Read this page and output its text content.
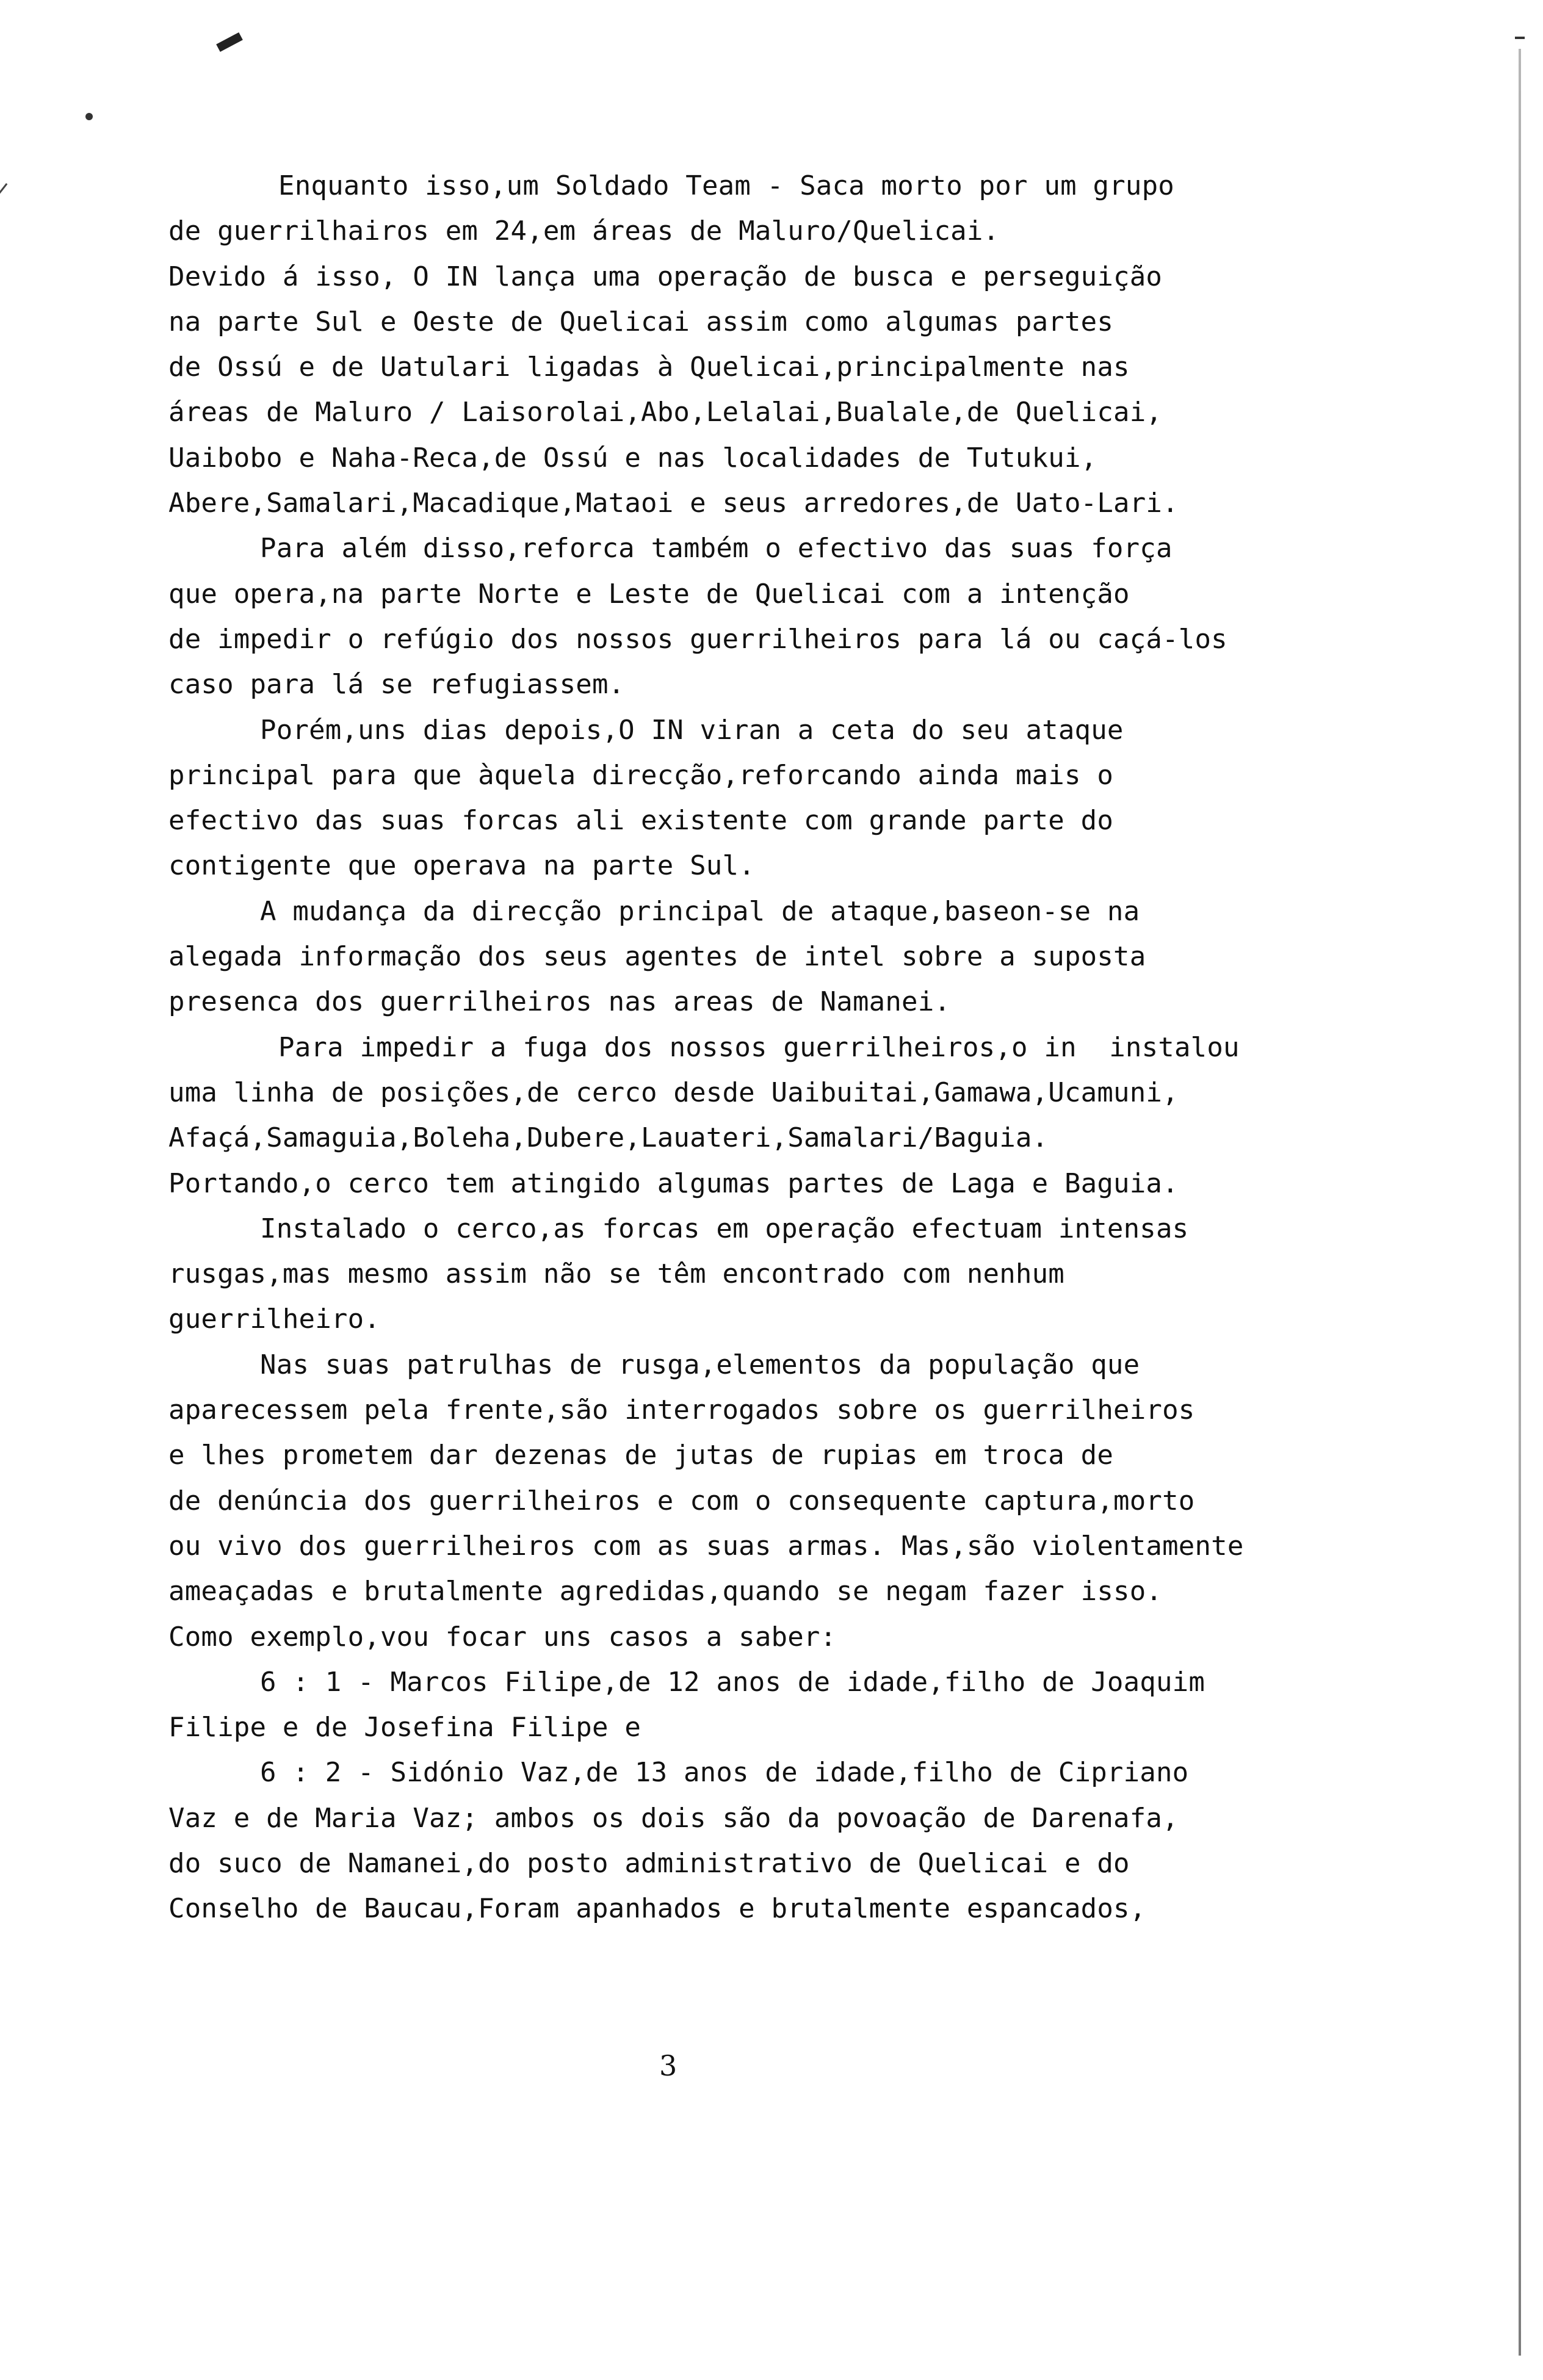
Enquanto isso,um Soldado Team - Saca morto por um grupo
de guerrilhairos em 24,em áreas de Maluro/Quelicai.
Devido á isso, O IN lança uma operação de busca e perseguição
na parte Sul e Oeste de Quelicai assim como algumas partes
de Ossú e de Uatulari ligadas à Quelicai,principalmente nas
áreas de Maluro / Laisorolai,Abo,Lelalai,Bualale,de Quelicai,
Uaibobo e Naha-Reca,de Ossú e nas localidades de Tutukui,
Abere,Samalari,Macadique,Mataoi e seus arredores,de Uato-Lari.
Para além disso,reforca também o efectivo das suas força
que opera,na parte Norte e Leste de Quelicai com a intenção
de impedir o refúgio dos nossos guerrilheiros para lá ou caçá-los
caso para lá se refugiassem.
Porém,uns dias depois,O IN viran a ceta do seu ataque
principal para que àquela direcção,reforcando ainda mais o
efectivo das suas forcas ali existente com grande parte do
contigente que operava na parte Sul.
A mudança da direcção principal de ataque,baseon-se na
alegada informação dos seus agentes de intel sobre a suposta
presenca dos guerrilheiros nas areas de Namanei.
Para impedir a fuga dos nossos guerrilheiros,o in  instalou
uma linha de posições,de cerco desde Uaibuitai,Gamawa,Ucamuni,
Afaçá,Samaguia,Boleha,Dubere,Lauateri,Samalari/Baguia.
Portando,o cerco tem atingido algumas partes de Laga e Baguia.
Instalado o cerco,as forcas em operação efectuam intensas
rusgas,mas mesmo assim não se têm encontrado com nenhum
guerrilheiro.
Nas suas patrulhas de rusga,elementos da população que
aparecessem pela frente,são interrogados sobre os guerrilheiros
e lhes prometem dar dezenas de jutas de rupias em troca de
de denúncia dos guerrilheiros e com o consequente captura,morto
ou vivo dos guerrilheiros com as suas armas. Mas,são violentamente
ameaçadas e brutalmente agredidas,quando se negam fazer isso.
Como exemplo,vou focar uns casos a saber:
6 : 1 - Marcos Filipe,de 12 anos de idade,filho de Joaquim
Filipe e de Josefina Filipe e
6 : 2 - Sidónio Vaz,de 13 anos de idade,filho de Cipriano
Vaz e de Maria Vaz; ambos os dois são da povoação de Darenafa,
do suco de Namanei,do posto administrativo de Quelicai e do
Conselho de Baucau,Foram apanhados e brutalmente espancados,
3
